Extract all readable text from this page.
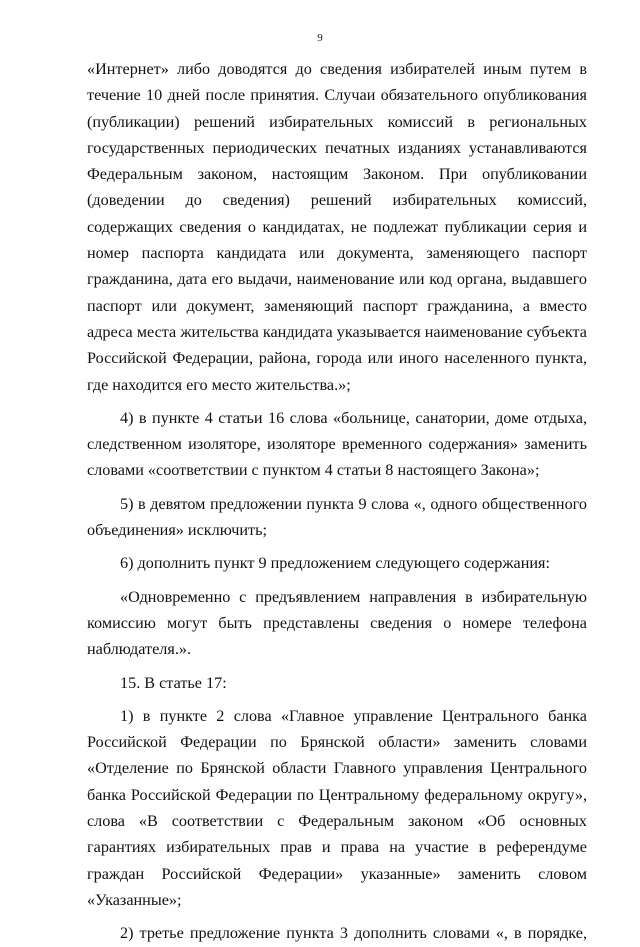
9

«Интернет» либо доводятся до сведения избирателей иным путем в течение 10 дней после принятия. Случаи обязательного опубликования (публикации) решений избирательных комиссий в региональных государственных периодических печатных изданиях устанавливаются Федеральным законом, настоящим Законом. При опубликовании (доведении до сведения) решений избирательных комиссий, содержащих сведения о кандидатах, не подлежат публикации серия и номер паспорта кандидата или документа, заменяющего паспорт гражданина, дата его выдачи, наименование или код органа, выдавшего паспорт или документ, заменяющий паспорт гражданина, а вместо адреса места жительства кандидата указывается наименование субъекта Российской Федерации, района, города или иного населенного пункта, где находится его место жительства.»;

4) в пункте 4 статьи 16 слова «больнице, санатории, доме отдыха, следственном изоляторе, изоляторе временного содержания» заменить словами «соответствии с пунктом 4 статьи 8 настоящего Закона»;

5) в девятом предложении пункта 9 слова «, одного общественного объединения» исключить;

6) дополнить пункт 9 предложением следующего содержания:

«Одновременно с предъявлением направления в избирательную комиссию могут быть представлены сведения о номере телефона наблюдателя.».

15. В статье 17:

1) в пункте 2 слова «Главное управление Центрального банка Российской Федерации по Брянской области» заменить словами «Отделение по Брянской области Главного управления Центрального банка Российской Федерации по Центральному федеральному округу», слова «В соответствии с Федеральным законом «Об основных гарантиях избирательных прав и права на участие в референдуме граждан Российской Федерации» указанные» заменить словом «Указанные»;

2) третье предложение пункта 3 дополнить словами «, в порядке,
